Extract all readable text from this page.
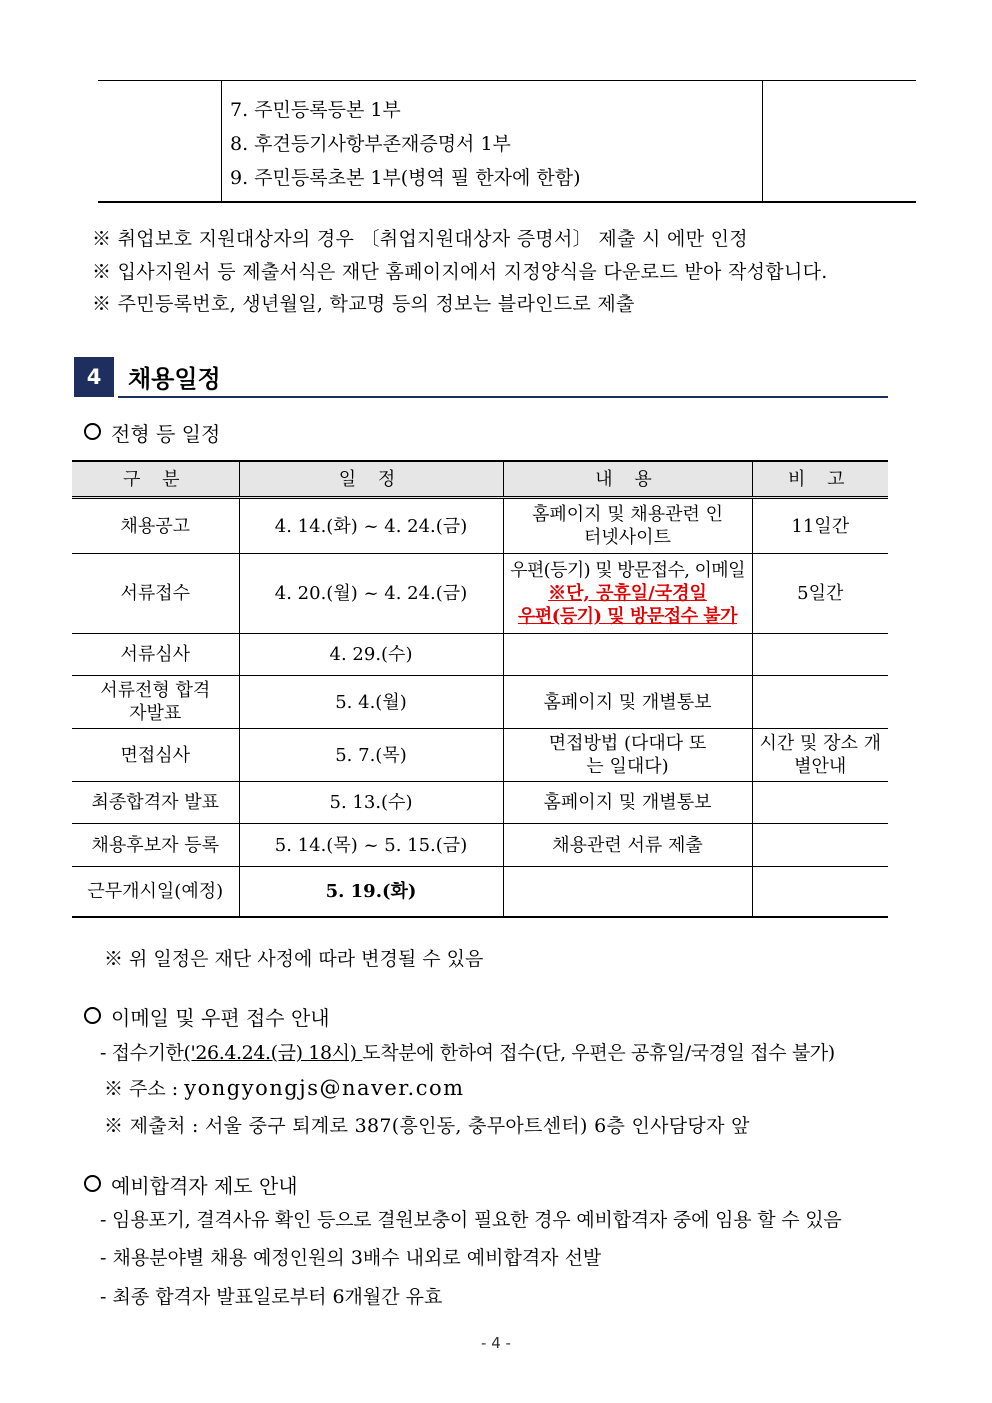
7. 주민등록등본 1부
8. 후견등기사항부존재증명서 1부
9. 주민등록초본 1부(병역 필 한자에 한함)
※ 취업보호 지원대상자의 경우 〔취업지원대상자 증명서〕 제출 시 에만 인정
※ 입사지원서 등 제출서식은 재단 홈페이지에서 지정양식을 다운로드 받아 작성합니다.
※ 주민등록번호, 생년월일, 학교명 등의 정보는 블라인드로 제출
4	채용일정
전형 등 일정
구 분	일 정	내 용	비 고
채용공고	4. 14.(화) ~ 4. 24.(금)	홈페이지 및 채용관련 인터넷사이트	11일간
서류접수	4. 20.(월) ~ 4. 24.(금)	우편(등기) 및 방문접수, 이메일
※단, 공휴일/국경일
우편(등기) 및 방문접수 불가	5일간
서류심사	4. 29.(수)		

서류전형 합격자발표	5. 4.(월)	홈페이지 및 개별통보	
면접심사	5. 7.(목)	면접방법 (다대다 또는 일대다)	시간 및 장소 개별안내

최종합격자 발표	5. 13.(수)	홈페이지 및 개별통보	
채용후보자 등록	5. 14.(목) ~ 5. 15.(금)	채용관련 서류 제출	
근무개시일(예정)	5. 19.(화)		
※ 위 일정은 재단 사정에 따라 변경될 수 있음
이메일 및 우편 접수 안내
- 접수기한('26.4.24.(금) 18시) 도착분에 한하여 접수(단, 우편은 공휴일/국경일 접수 불가)
※ 주소 : yongyongjs@naver.com
※ 제출처 : 서울 중구 퇴계로 387(흥인동, 충무아트센터) 6층 인사담당자 앞
예비합격자 제도 안내
- 임용포기, 결격사유 확인 등으로 결원보충이 필요한 경우 예비합격자 중에 임용 할 수 있음
- 채용분야별 채용 예정인원의 3배수 내외로 예비합격자 선발
- 최종 합격자 발표일로부터 6개월간 유효
- 4 -
